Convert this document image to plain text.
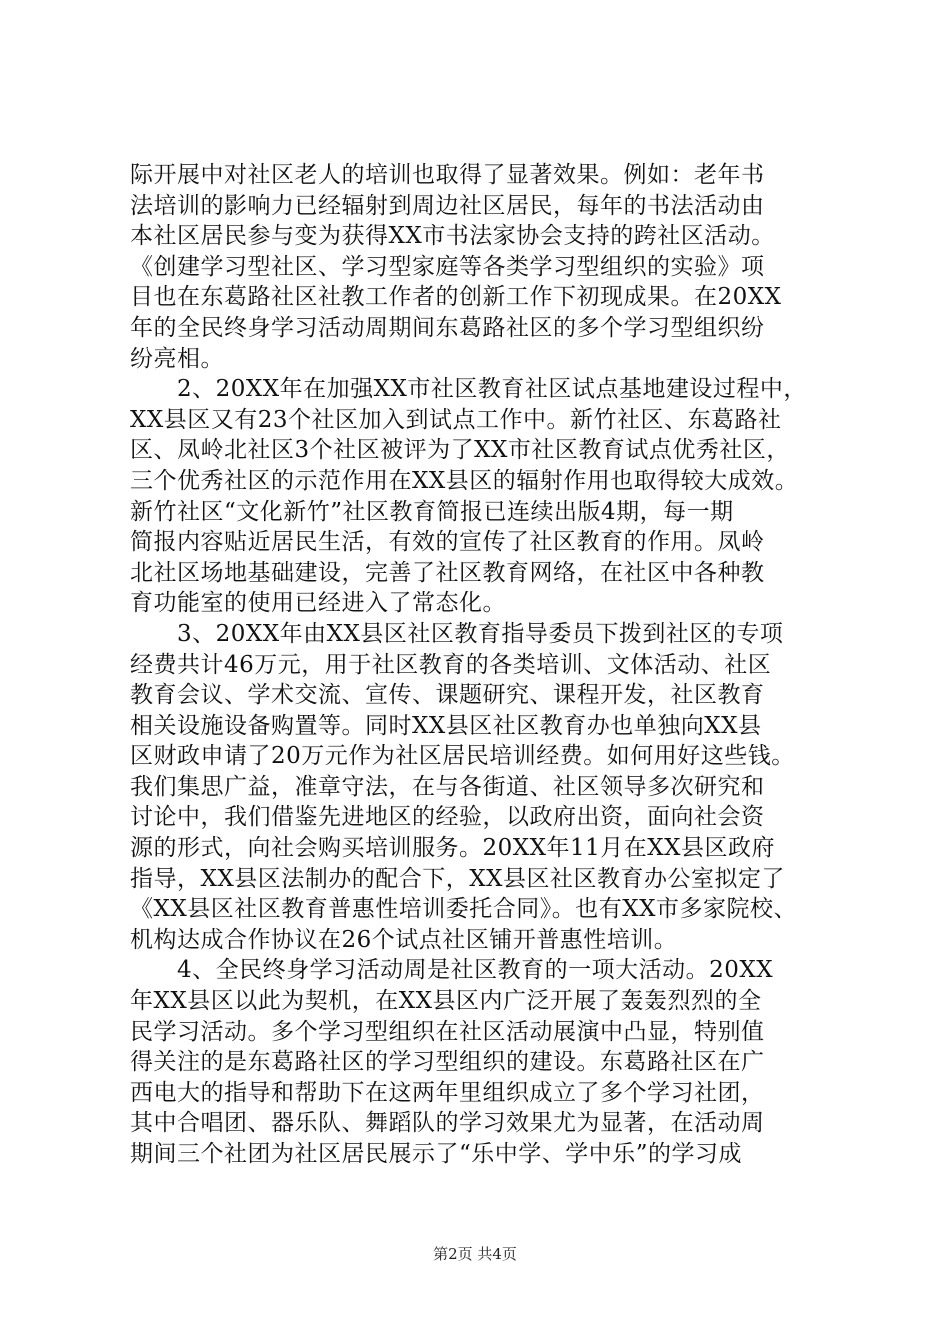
际开展中对社区老人的培训也取得了显著效果。例如：老年书
法培训的影响力已经辐射到周边社区居民，每年的书法活动由
本社区居民参与变为获得XX市书法家协会支持的跨社区活动。
《创建学习型社区、学习型家庭等各类学习型组织的实验》项
目也在东葛路社区社教工作者的创新工作下初现成果。在20XX
年的全民终身学习活动周期间东葛路社区的多个学习型组织纷
纷亮相。
　　2、20XX年在加强XX市社区教育社区试点基地建设过程中，
XX县区又有23个社区加入到试点工作中。新竹社区、东葛路社
区、凤岭北社区3个社区被评为了XX市社区教育试点优秀社区，
三个优秀社区的示范作用在XX县区的辐射作用也取得较大成效。
新竹社区“文化新竹”社区教育简报已连续出版4期，每一期
简报内容贴近居民生活，有效的宣传了社区教育的作用。凤岭
北社区场地基础建设，完善了社区教育网络，在社区中各种教
育功能室的使用已经进入了常态化。
　　3、20XX年由XX县区社区教育指导委员下拨到社区的专项
经费共计46万元，用于社区教育的各类培训、文体活动、社区
教育会议、学术交流、宣传、课题研究、课程开发，社区教育
相关设施设备购置等。同时XX县区社区教育办也单独向XX县
区财政申请了20万元作为社区居民培训经费。如何用好这些钱。
我们集思广益，准章守法，在与各街道、社区领导多次研究和
讨论中，我们借鉴先进地区的经验，以政府出资，面向社会资
源的形式，向社会购买培训服务。20XX年11月在XX县区政府
指导，XX县区法制办的配合下，XX县区社区教育办公室拟定了
《XX县区社区教育普惠性培训委托合同》。也有XX市多家院校、
机构达成合作协议在26个试点社区铺开普惠性培训。
　　4、全民终身学习活动周是社区教育的一项大活动。20XX
年XX县区以此为契机，在XX县区内广泛开展了轰轰烈烈的全
民学习活动。多个学习型组织在社区活动展演中凸显，特别值
得关注的是东葛路社区的学习型组织的建设。东葛路社区在广
西电大的指导和帮助下在这两年里组织成立了多个学习社团，
其中合唱团、器乐队、舞蹈队的学习效果尤为显著，在活动周
期间三个社团为社区居民展示了“乐中学、学中乐”的学习成
第2页 共4页
